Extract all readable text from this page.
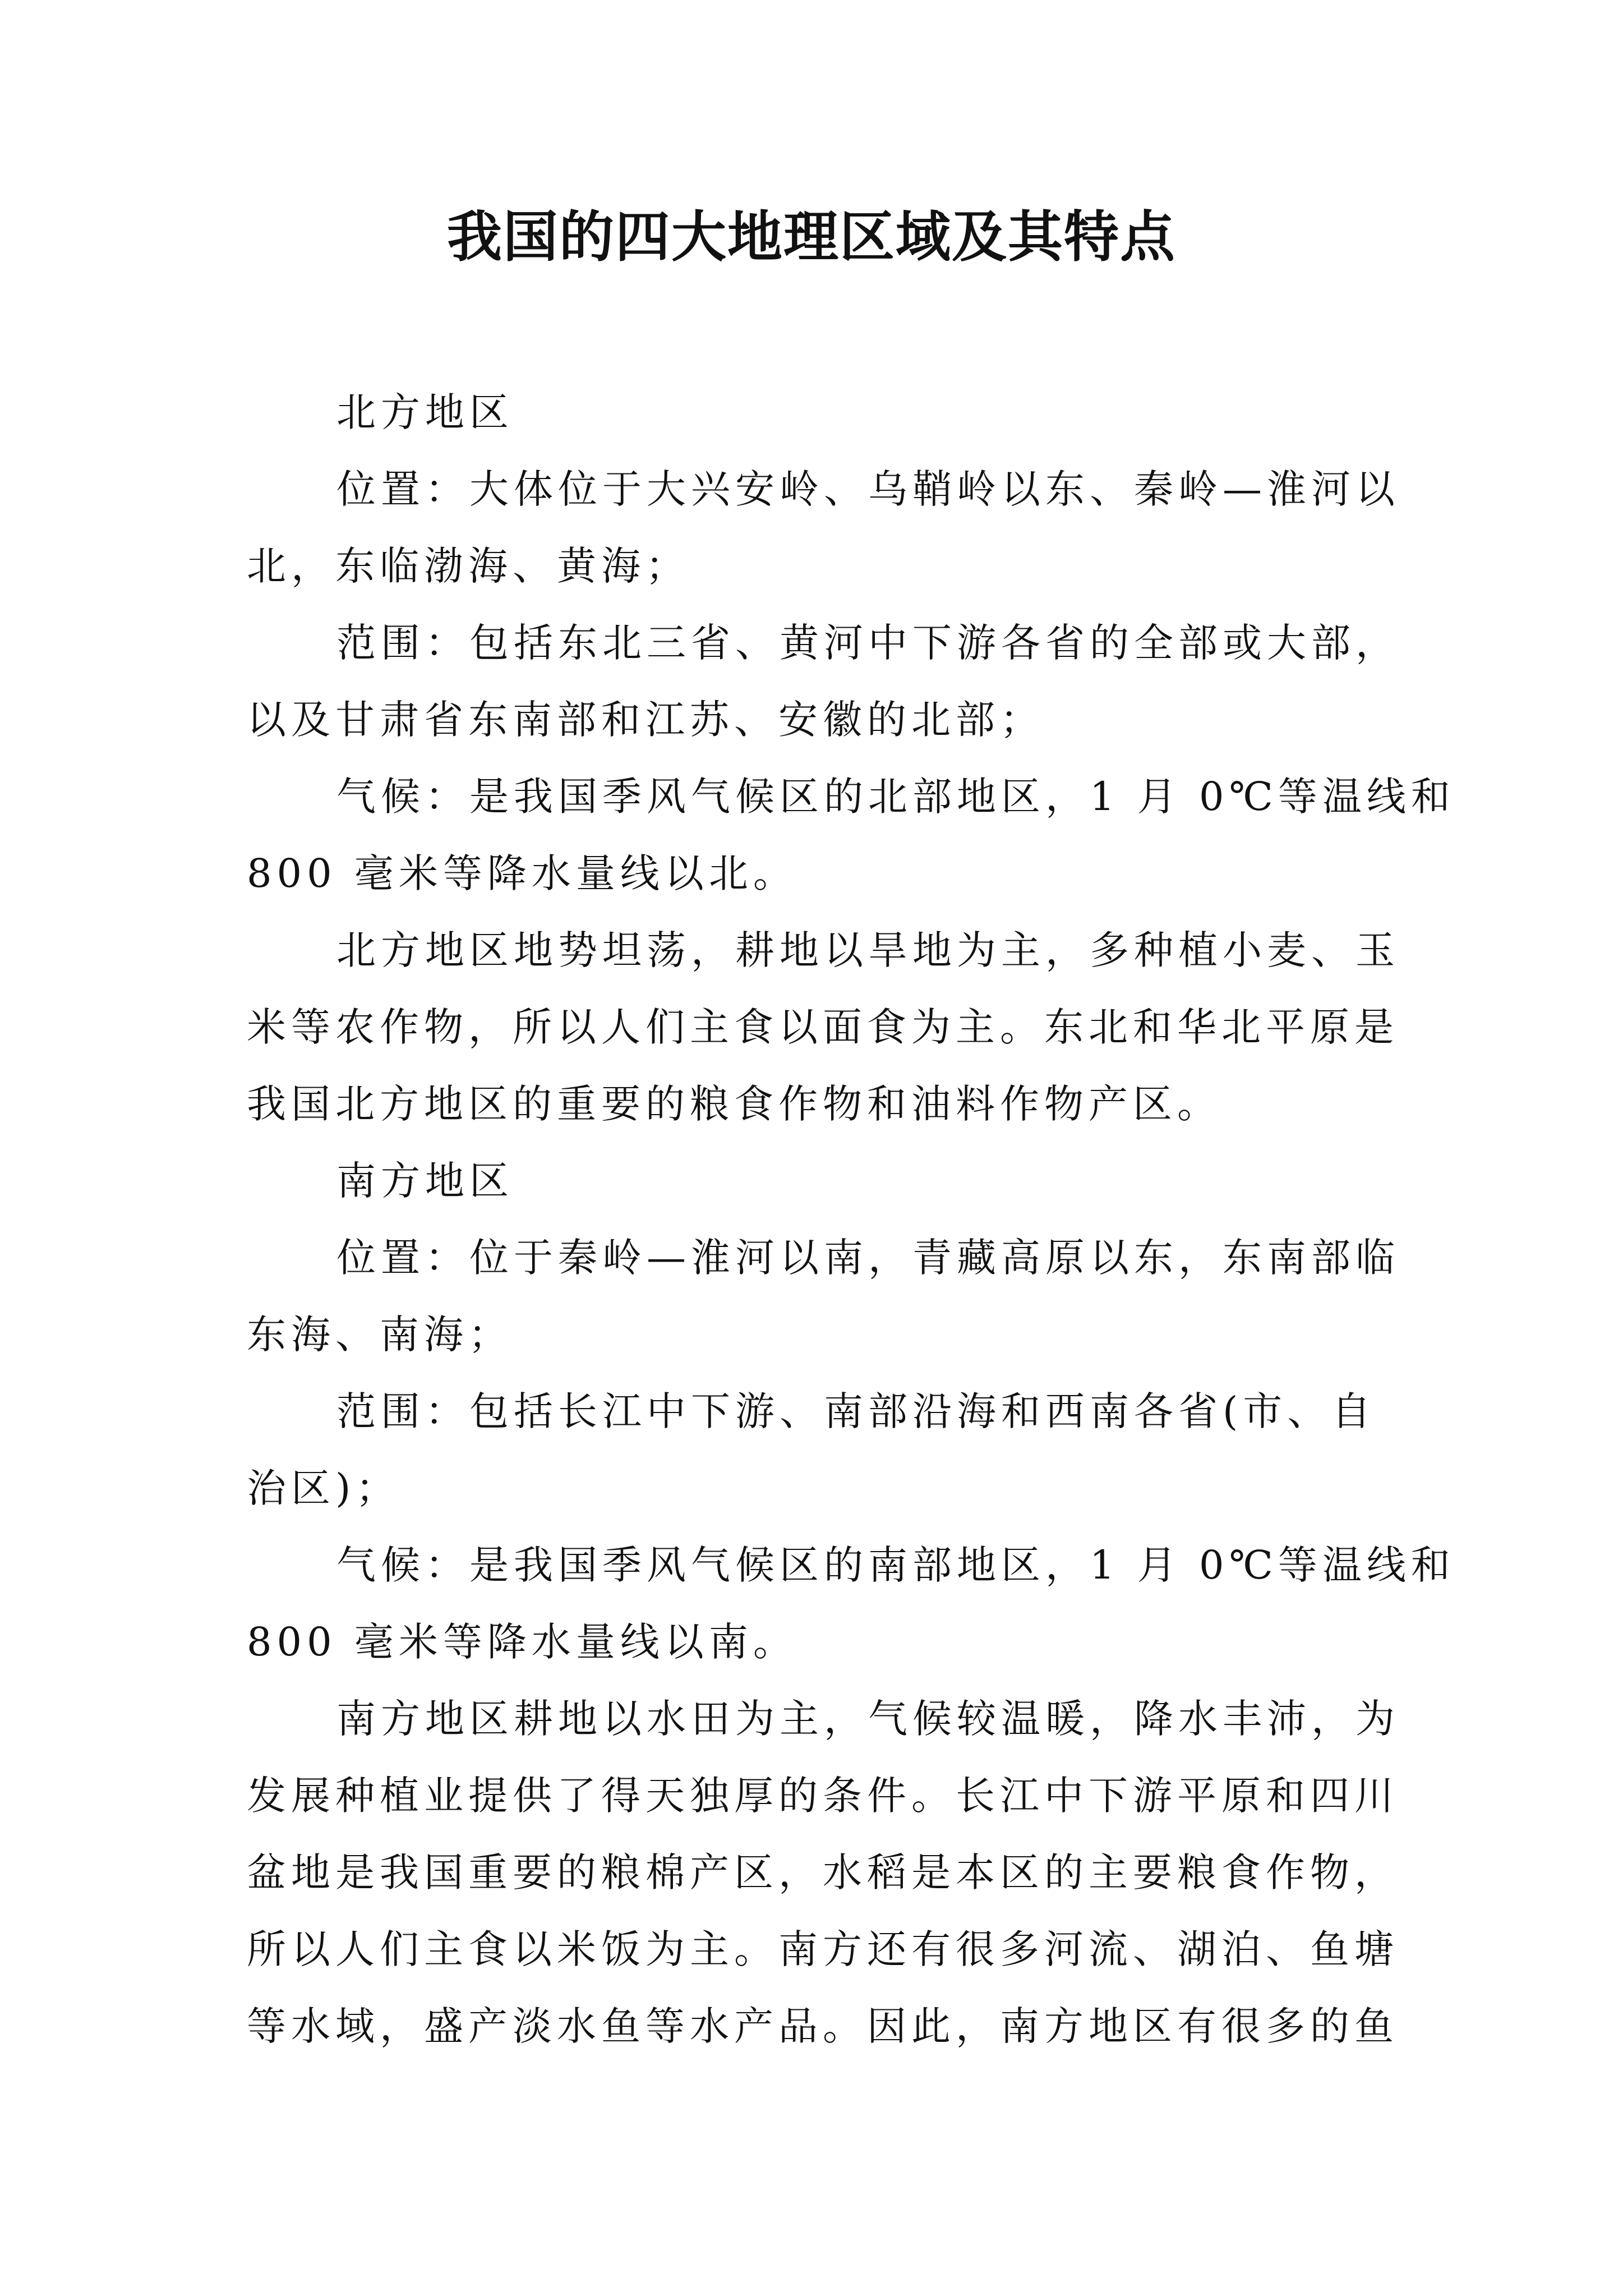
我国的四大地理区域及其特点
北方地区
位置：大体位于大兴安岭、乌鞘岭以东、秦岭—淮河以
北，东临渤海、黄海；
范围：包括东北三省、黄河中下游各省的全部或大部，
以及甘肃省东南部和江苏、安徽的北部；
气候：是我国季风气候区的北部地区，1 月 0℃等温线和
800 毫米等降水量线以北。
北方地区地势坦荡，耕地以旱地为主，多种植小麦、玉
米等农作物，所以人们主食以面食为主。东北和华北平原是
我国北方地区的重要的粮食作物和油料作物产区。
南方地区
位置：位于秦岭—淮河以南，青藏高原以东，东南部临
东海、南海；
范围：包括长江中下游、南部沿海和西南各省(市、自
治区)；
气候：是我国季风气候区的南部地区，1 月 0℃等温线和
800 毫米等降水量线以南。
南方地区耕地以水田为主，气候较温暖，降水丰沛，为
发展种植业提供了得天独厚的条件。长江中下游平原和四川
盆地是我国重要的粮棉产区，水稻是本区的主要粮食作物，
所以人们主食以米饭为主。南方还有很多河流、湖泊、鱼塘
等水域，盛产淡水鱼等水产品。因此，南方地区有很多的鱼
